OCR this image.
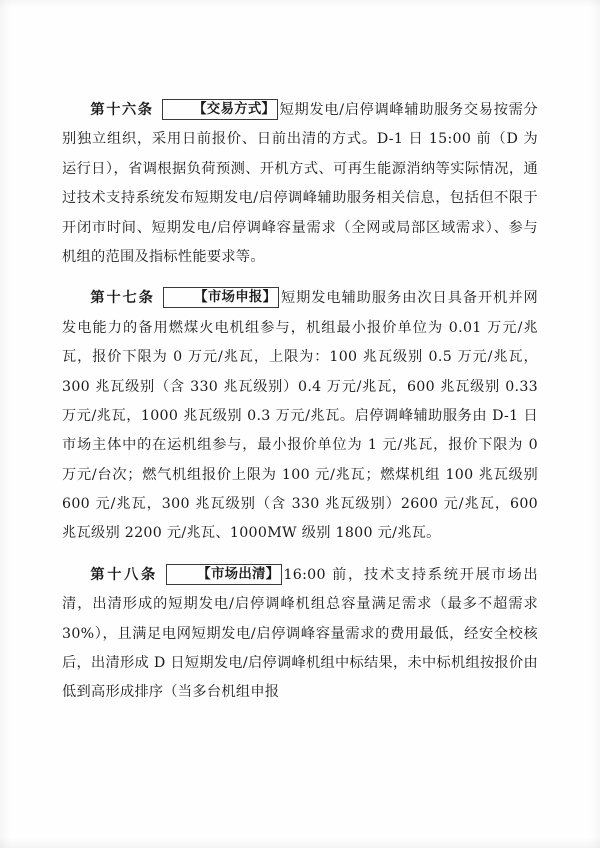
第十六条	【交易方式】 短期发电/启停调峰辅助服务交易按需分别独立组织，采用日前报价、日前出清的方式。D-1 日 15:00 前（D 为运行日），省调根据负荷预测、开机方式、可再生能源消纳等实际情况，通过技术支持系统发布短期发电/启停调峰辅助服务相关信息，包括但不限于开闭市时间、短期发电/启停调峰容量需求（全网或局部区域需求）、参与机组的范围及指标性能要求等。

第十七条	【市场申报】 短期发电辅助服务由次日具备开机并网发电能力的备用燃煤火电机组参与，机组最小报价单位为 0.01 万元/兆瓦，报价下限为 0 万元/兆瓦，上限为：100 兆瓦级别 0.5 万元/兆瓦，300 兆瓦级别（含 330 兆瓦级别）0.4 万元/兆瓦，600 兆瓦级别 0.33 万元/兆瓦，1000 兆瓦级别 0.3 万元/兆瓦。启停调峰辅助服务由 D-1 日市场主体中的在运机组参与，最小报价单位为 1 元/兆瓦，报价下限为 0 万元/台次；燃气机组报价上限为 100 元/兆瓦；燃煤机组 100 兆瓦级别 600 元/兆瓦，300 兆瓦级别（含 330 兆瓦级别）2600 元/兆瓦，600 兆瓦级别 2200 元/兆瓦、1000MW 级别 1800 元/兆瓦。

第十八条	【市场出清】 16:00 前，技术支持系统开展市场出清，出清形成的短期发电/启停调峰机组总容量满足需求（最多不超需求 30%），且满足电网短期发电/启停调峰容量需求的费用最低，经安全校核后，出清形成 D 日短期发电/启停调峰机组中标结果，未中标机组按报价由低到高形成排序（当多台机组申报
